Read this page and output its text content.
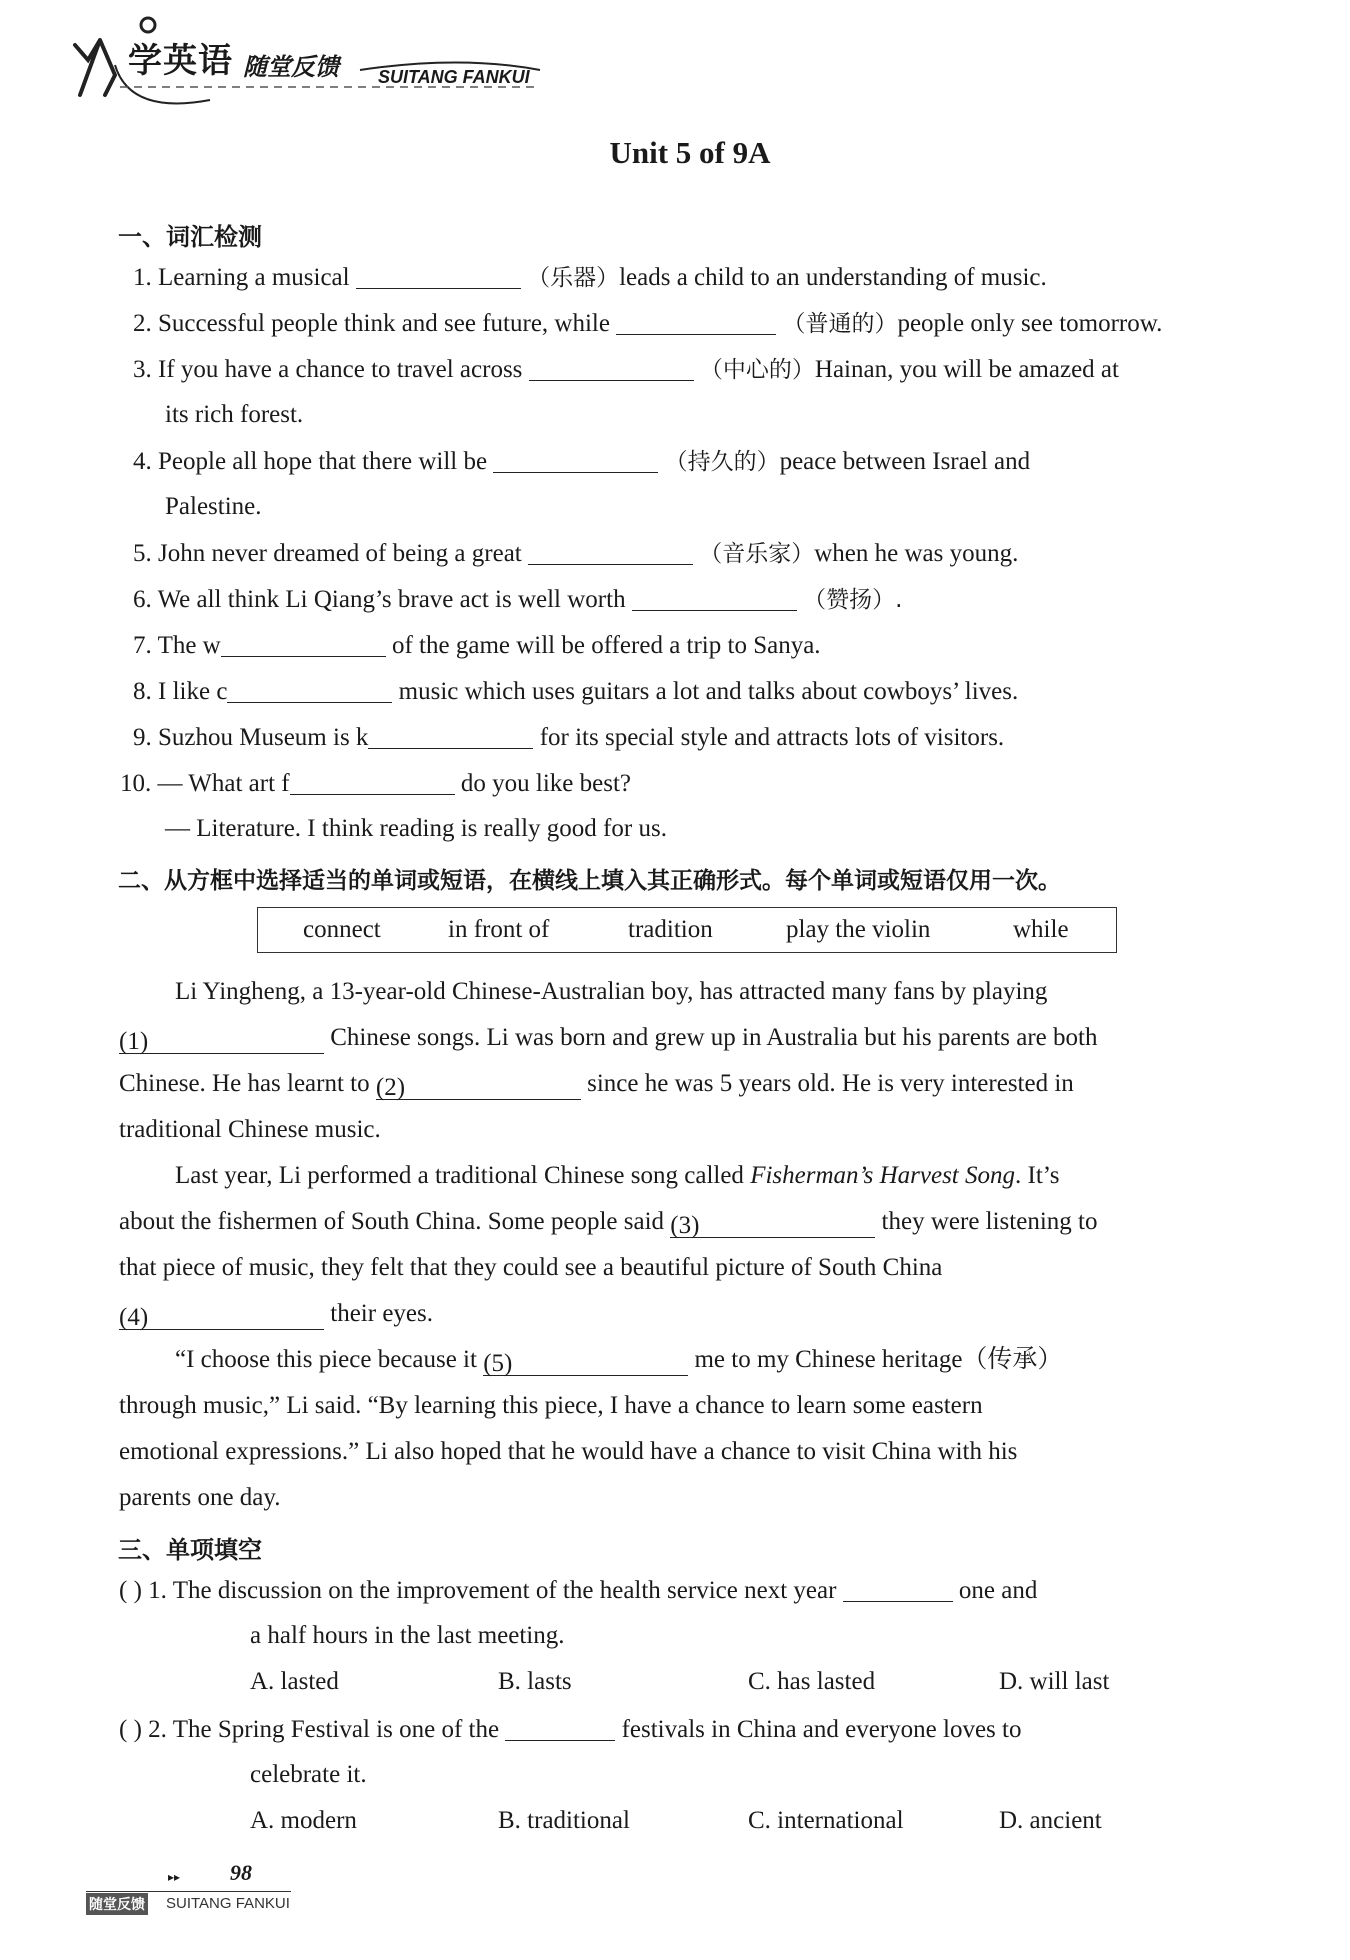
学英语 随堂反馈 SUITANG FANKUI
Unit 5 of 9A
一、词汇检测
1. Learning a musical	（乐器）leads a child to an understanding of music.
2. Successful people think and see future, while	（普通的）people only see tomorrow.
3. If you have a chance to travel across	（中心的）Hainan, you will be amazed at
its rich forest.
4. People all hope that there will be	（持久的）peace between Israel and
Palestine.
5. John never dreamed of being a great	（音乐家）when he was young.
6. We all think Li Qiang’s brave act is well worth	（赞扬）.
7. The w	of the game will be offered a trip to Sanya.
8. I like c	music which uses guitars a lot and talks about cowboys’ lives.
9. Suzhou Museum is k	for its special style and attracts lots of visitors.
10. — What art f	do you like best?
— Literature. I think reading is really good for us.
二、从方框中选择适当的单词或短语，在横线上填入其正确形式。每个单词或短语仅用一次。
connect	in front of	tradition	play the violin	while
Li Yingheng, a 13-year-old Chinese-Australian boy, has attracted many fans by playing
(1)	Chinese songs. Li was born and grew up in Australia but his parents are both
Chinese. He has learnt to (2)	since he was 5 years old. He is very interested in
traditional Chinese music.
Last year, Li performed a traditional Chinese song called Fisherman’s Harvest Song. It’s
about the fishermen of South China. Some people said (3)	they were listening to
that piece of music, they felt that they could see a beautiful picture of South China
(4)	their eyes.
“I choose this piece because it (5)	me to my Chinese heritage（传承）
through music,” Li said. “By learning this piece, I have a chance to learn some eastern
emotional expressions.” Li also hoped that he would have a chance to visit China with his
parents one day.
三、单项填空
( ) 1. The discussion on the improvement of the health service next year	one and
a half hours in the last meeting.
A. lasted	B. lasts	C. has lasted	D. will last
( ) 2. The Spring Festival is one of the	festivals in China and everyone loves to
celebrate it.
A. modern	B. traditional	C. international	D. ancient
▸▸ 98
随堂反馈 SUITANG FANKUI
